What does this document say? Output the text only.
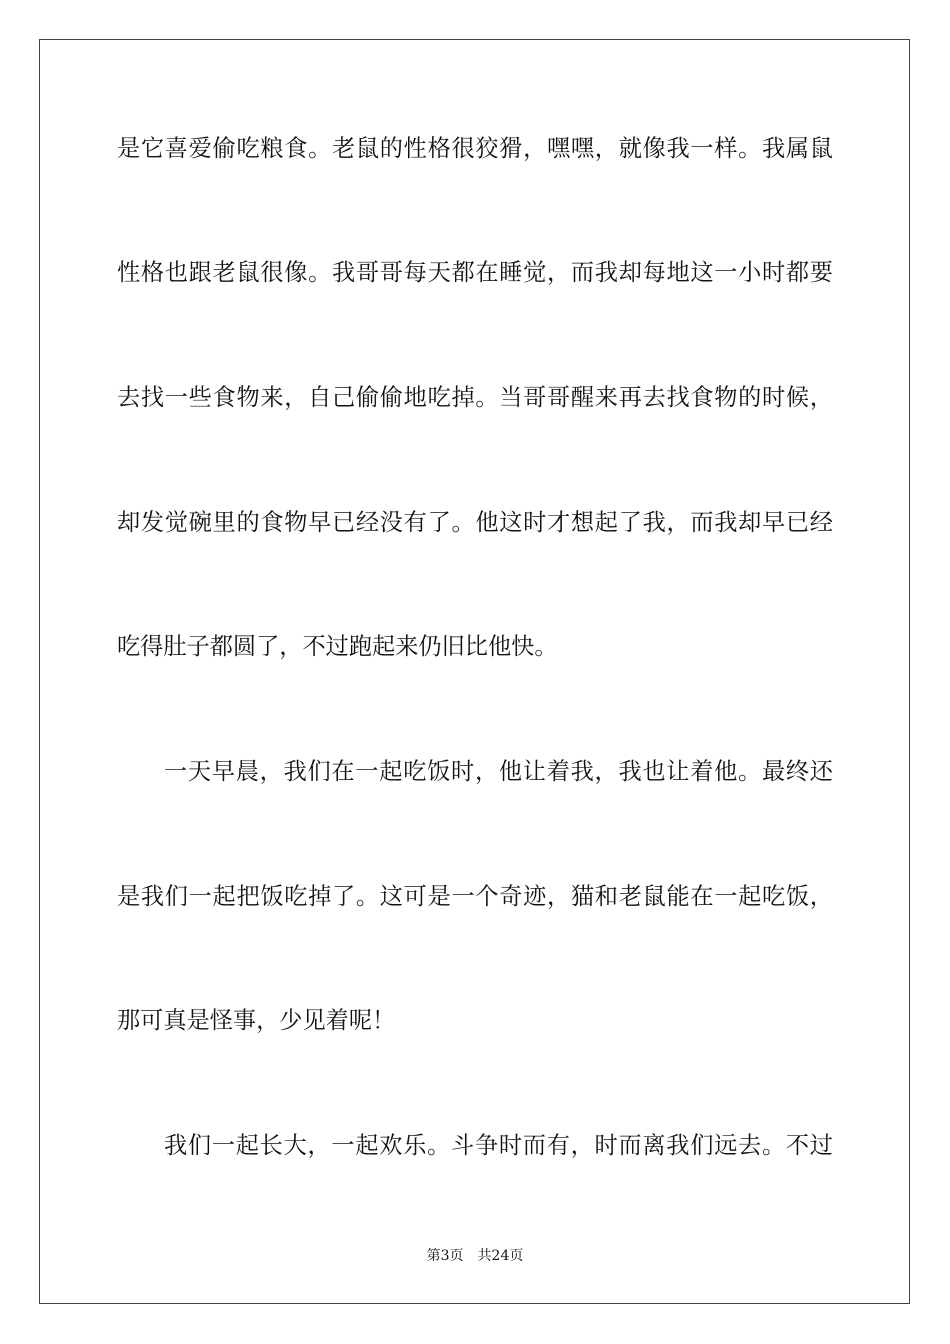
是它喜爱偷吃粮食。老鼠的性格很狡猾，嘿嘿，就像我一样。我属鼠
性格也跟老鼠很像。我哥哥每天都在睡觉，而我却每地这一小时都要
去找一些食物来，自己偷偷地吃掉。当哥哥醒来再去找食物的时候，
却发觉碗里的食物早已经没有了。他这时才想起了我，而我却早已经
吃得肚子都圆了，不过跑起来仍旧比他快。
一天早晨，我们在一起吃饭时，他让着我，我也让着他。最终还
是我们一起把饭吃掉了。这可是一个奇迹，猫和老鼠能在一起吃饭，
那可真是怪事，少见着呢！
我们一起长大，一起欢乐。斗争时而有，时而离我们远去。不过
第3页 共24页
